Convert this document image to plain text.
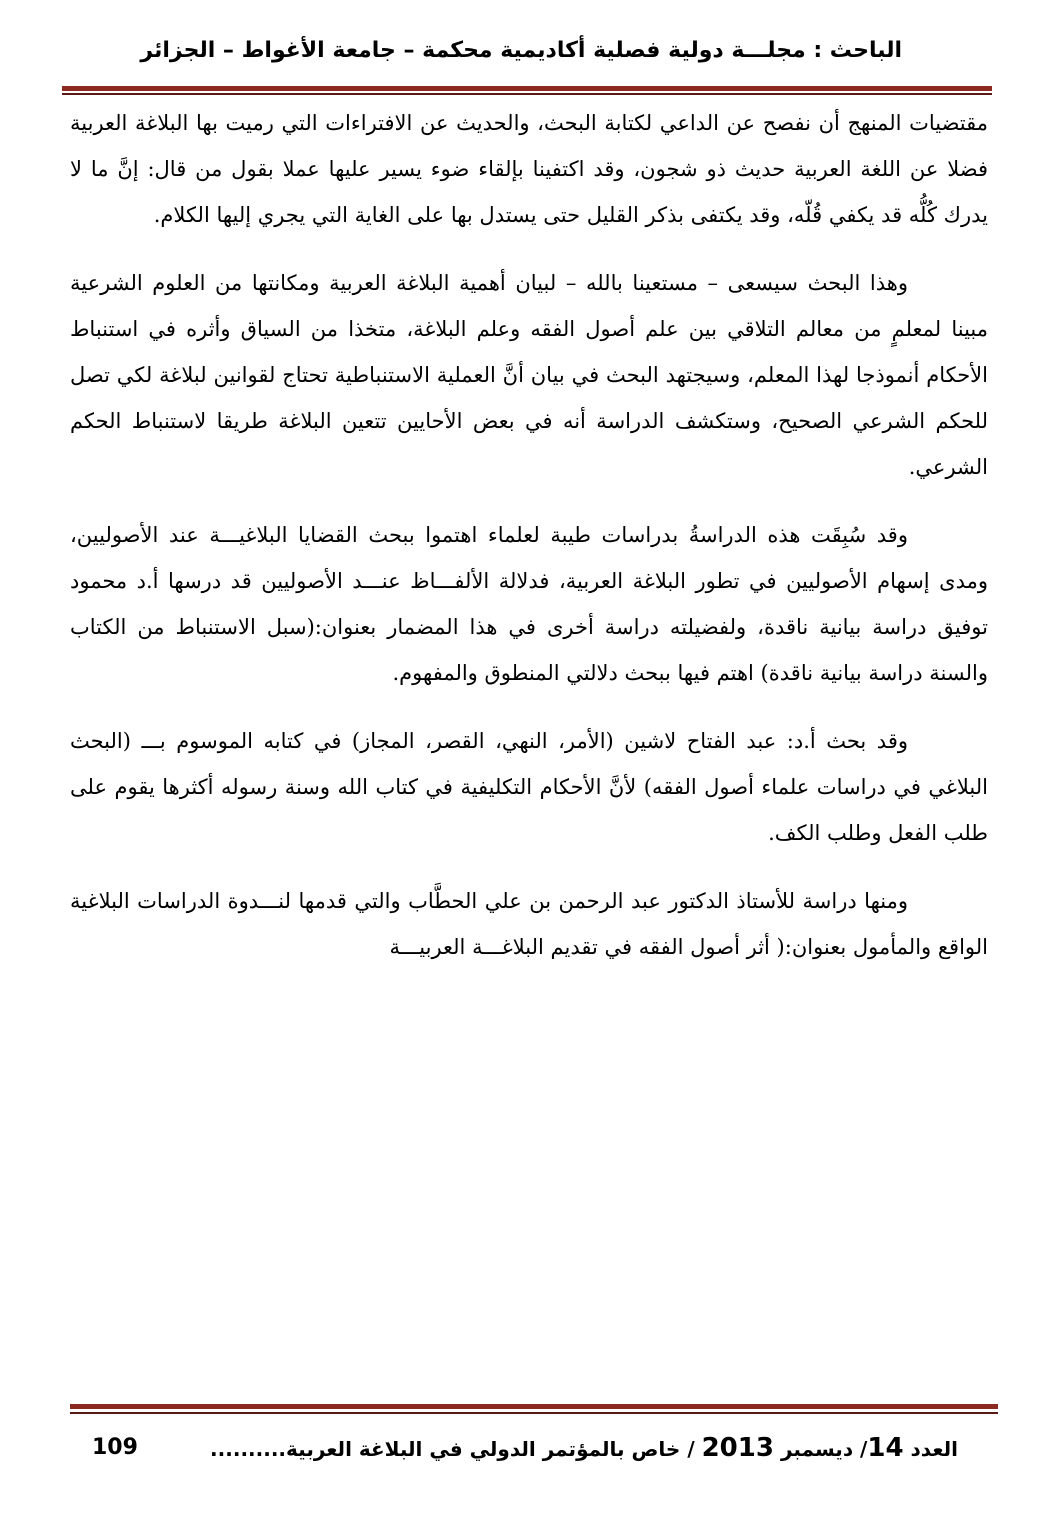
الباحث : مجلـــة دولية فصلية أكاديمية محكمة – جامعة الأغواط – الجزائر

مقتضيات المنهج أن نفصح عن الداعي لكتابة البحث، والحديث عن الافتراءات التي رميت بها البلاغة العربية فضلا عن اللغة العربية حديث ذو شجون، وقد اكتفينا بإلقاء ضوء يسير عليها عملا بقول من قال: إنَّ ما لا يدرك كُلُّه قد يكفي قُلّه، وقد يكتفى بذكر القليل حتى يستدل بها على الغاية التي يجري إليها الكلام.

وهذا البحث سيسعى – مستعينا بالله – لبيان أهمية البلاغة العربية ومكانتها من العلوم الشرعية مبينا لمعلمٍ من معالم التلاقي بين علم أصول الفقه وعلم البلاغة، متخذا من السياق وأثره في استنباط الأحكام أنموذجا لهذا المعلم، وسيجتهد البحث في بيان أنَّ العملية الاستنباطية تحتاج لقوانين لبلاغة لكي تصل للحكم الشرعي الصحيح، وستكشف الدراسة أنه في بعض الأحايين تتعين البلاغة طريقا لاستنباط الحكم الشرعي.

وقد سُبِقَت هذه الدراسةُ بدراسات طيبة لعلماء اهتموا ببحث القضايا البلاغيـــة عند الأصوليين، ومدى إسهام الأصوليين في تطور البلاغة العربية، فدلالة الألفـــاظ عنـــد الأصوليين قد درسها أ.د محمود توفيق دراسة بيانية ناقدة، ولفضيلته دراسة أخرى في هذا المضمار بعنوان:(سبل الاستنباط من الكتاب والسنة دراسة بيانية ناقدة) اهتم فيها ببحث دلالتي المنطوق والمفهوم.

وقد بحث أ.د: عبد الفتاح لاشين (الأمر، النهي، القصر، المجاز) في كتابه الموسوم بـــ (البحث البلاغي في دراسات علماء أصول الفقه) لأنَّ الأحكام التكليفية في كتاب الله وسنة رسوله أكثرها يقوم على طلب الفعل وطلب الكف.

ومنها دراسة للأستاذ الدكتور عبد الرحمن بن علي الحطَّاب والتي قدمها لنـــدوة الدراسات البلاغية الواقع والمأمول بعنوان:( أثر أصول الفقه في تقديم البلاغـــة العربيـــة

العدد 14/ ديسمبر 2013 / خاص بالمؤتمر الدولي في البلاغة العربية..........
109
